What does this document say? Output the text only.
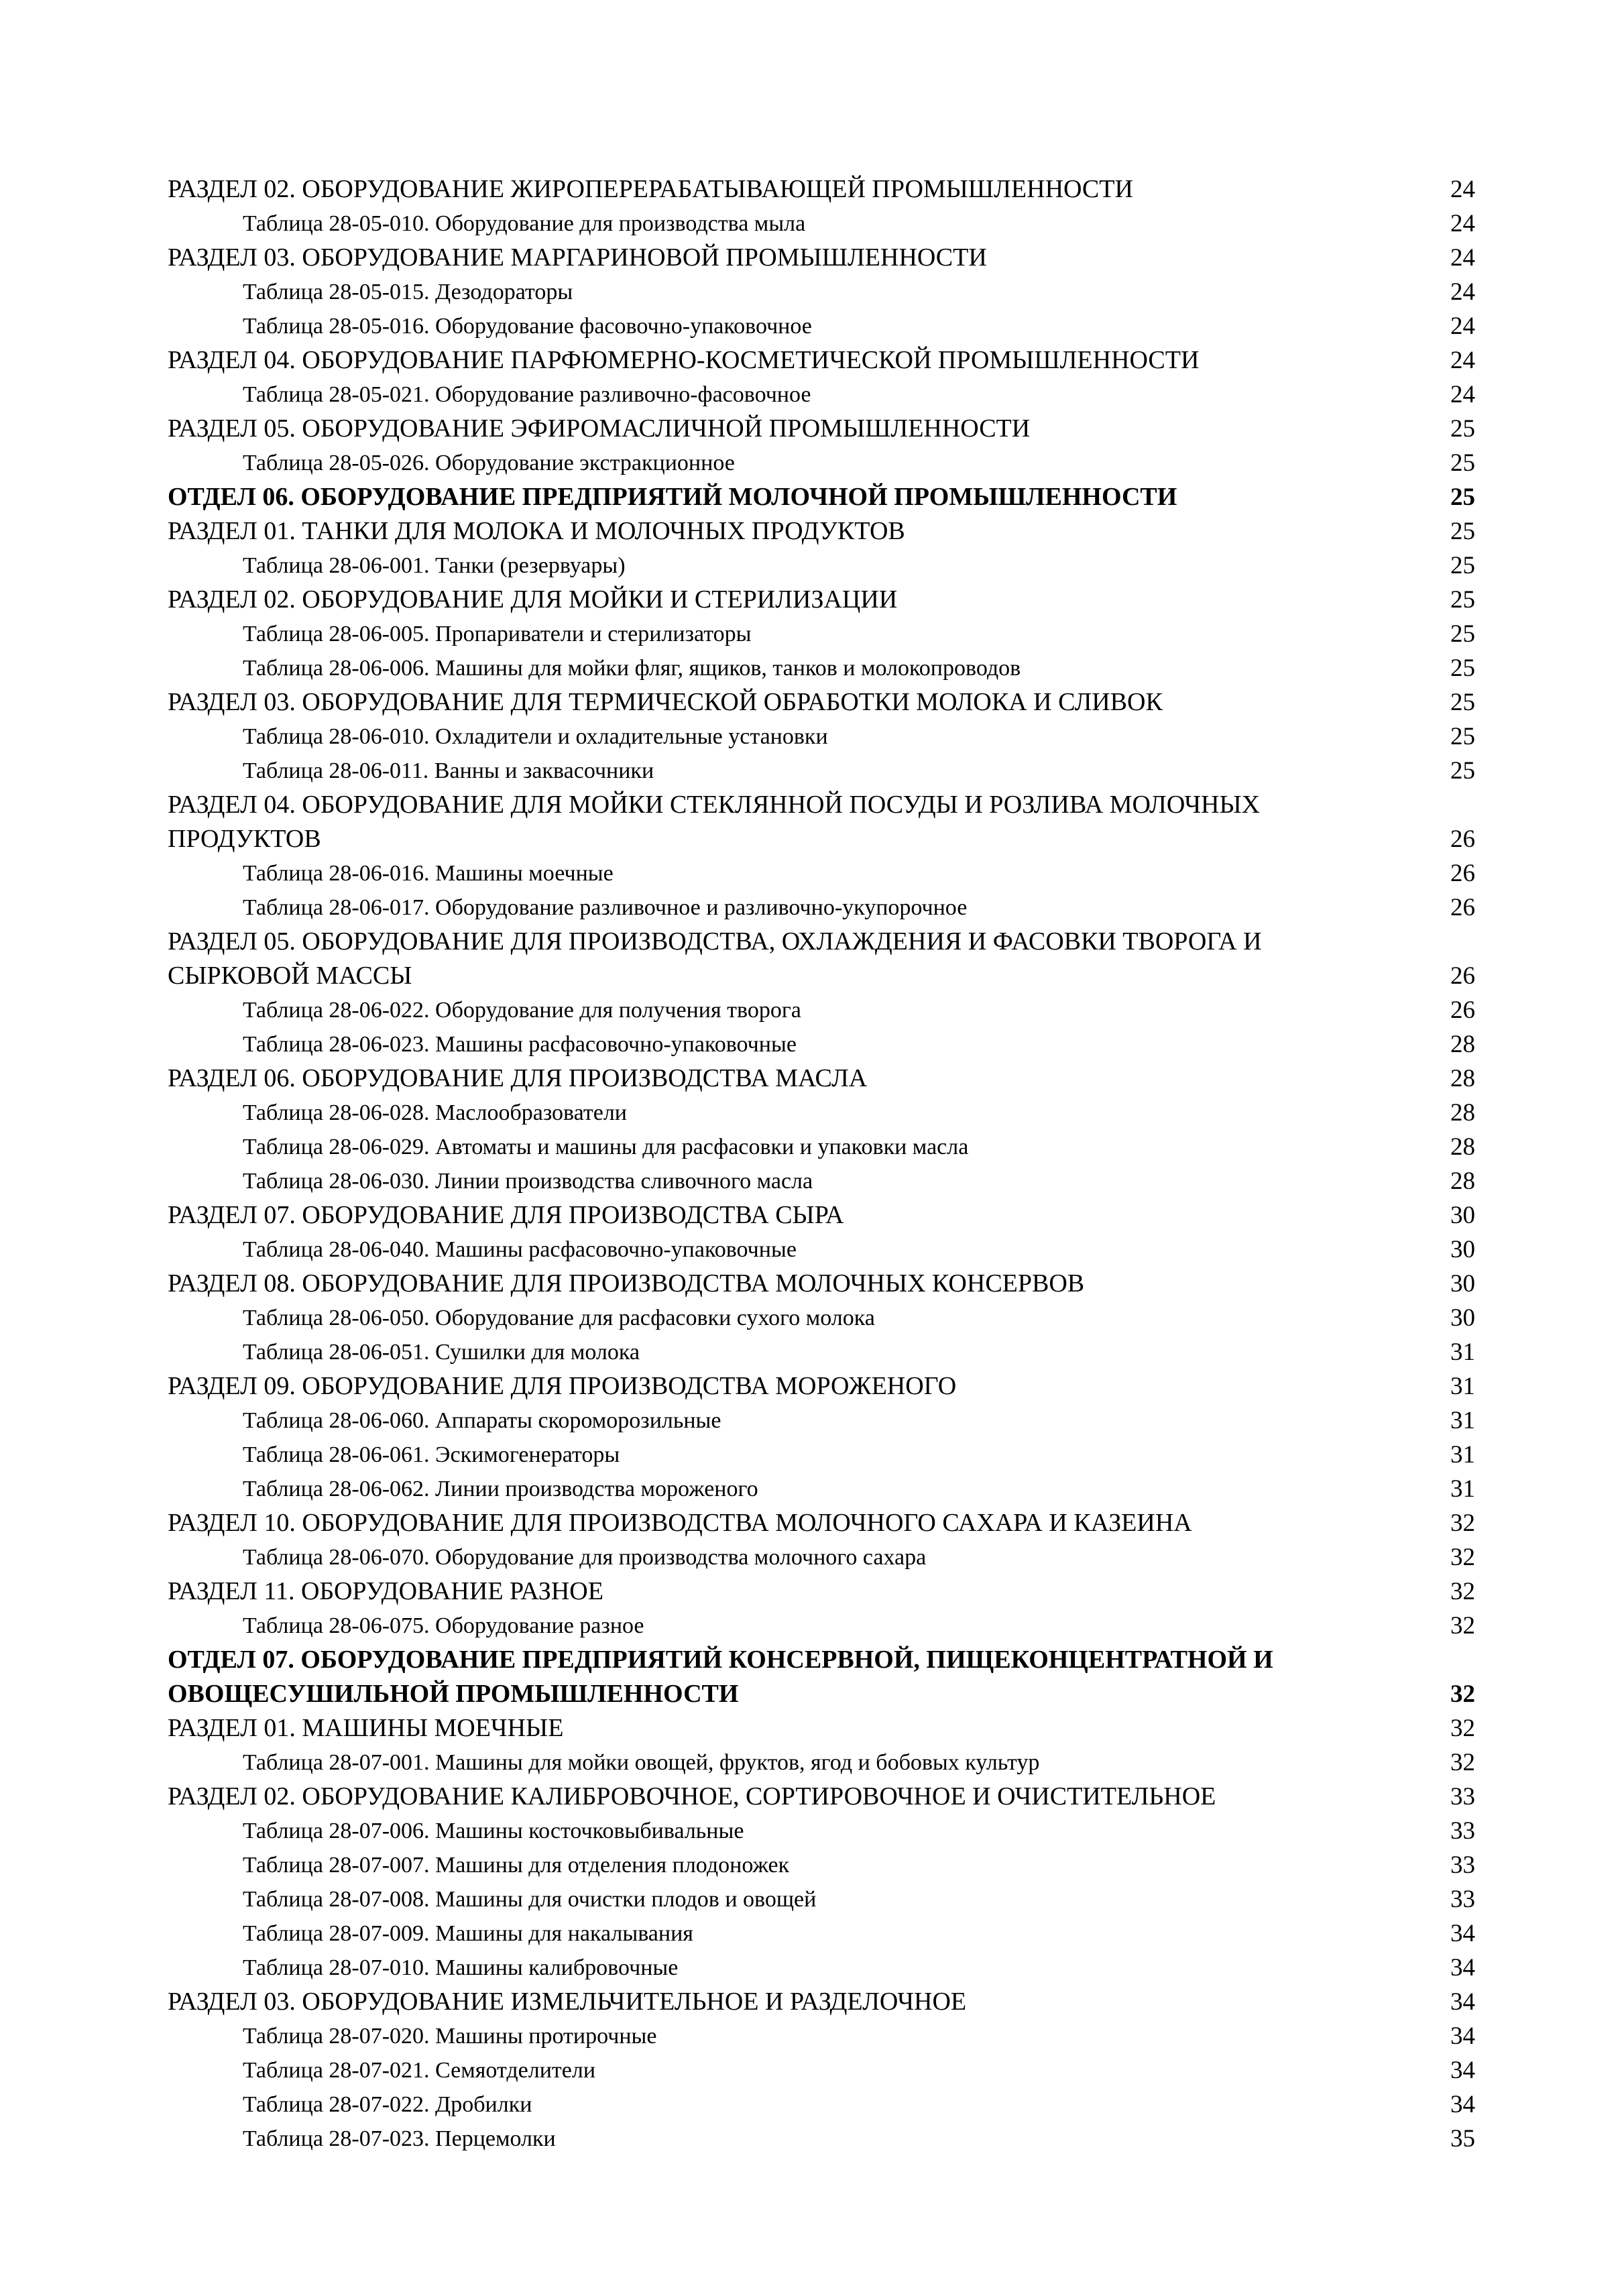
РАЗДЕЛ 02. ОБОРУДОВАНИЕ ЖИРОПЕРЕРАБАТЫВАЮЩЕЙ ПРОМЫШЛЕННОСТИ	24
Таблица 28-05-010. Оборудование для производства мыла	24
РАЗДЕЛ 03. ОБОРУДОВАНИЕ МАРГАРИНОВОЙ ПРОМЫШЛЕННОСТИ	24
Таблица 28-05-015. Дезодораторы	24
Таблица 28-05-016. Оборудование фасовочно-упаковочное	24
РАЗДЕЛ 04. ОБОРУДОВАНИЕ ПАРФЮМЕРНО-КОСМЕТИЧЕСКОЙ ПРОМЫШЛЕННОСТИ	24
Таблица 28-05-021. Оборудование разливочно-фасовочное	24
РАЗДЕЛ 05. ОБОРУДОВАНИЕ ЭФИРОМАСЛИЧНОЙ ПРОМЫШЛЕННОСТИ	25
Таблица 28-05-026. Оборудование экстракционное	25
ОТДЕЛ 06. ОБОРУДОВАНИЕ ПРЕДПРИЯТИЙ МОЛОЧНОЙ ПРОМЫШЛЕННОСТИ	25
РАЗДЕЛ 01. ТАНКИ ДЛЯ МОЛОКА И МОЛОЧНЫХ ПРОДУКТОВ	25
Таблица 28-06-001. Танки (резервуары)	25
РАЗДЕЛ 02. ОБОРУДОВАНИЕ ДЛЯ МОЙКИ И СТЕРИЛИЗАЦИИ	25
Таблица 28-06-005. Пропариватели и стерилизаторы	25
Таблица 28-06-006. Машины для мойки фляг, ящиков, танков и молокопроводов	25
РАЗДЕЛ 03. ОБОРУДОВАНИЕ ДЛЯ ТЕРМИЧЕСКОЙ ОБРАБОТКИ МОЛОКА И СЛИВОК	25
Таблица 28-06-010. Охладители и охладительные установки	25
Таблица 28-06-011. Ванны и заквасочники	25
РАЗДЕЛ 04. ОБОРУДОВАНИЕ ДЛЯ МОЙКИ СТЕКЛЯННОЙ ПОСУДЫ И РОЗЛИВА МОЛОЧНЫХ ПРОДУКТОВ	26
Таблица 28-06-016. Машины моечные	26
Таблица 28-06-017. Оборудование разливочное и разливочно-укупорочное	26
РАЗДЕЛ 05. ОБОРУДОВАНИЕ ДЛЯ ПРОИЗВОДСТВА, ОХЛАЖДЕНИЯ И ФАСОВКИ ТВОРОГА И СЫРКОВОЙ МАССЫ	26
Таблица 28-06-022. Оборудование для получения творога	26
Таблица 28-06-023. Машины расфасовочно-упаковочные	28
РАЗДЕЛ 06. ОБОРУДОВАНИЕ ДЛЯ ПРОИЗВОДСТВА МАСЛА	28
Таблица 28-06-028. Маслообразователи	28
Таблица 28-06-029. Автоматы и машины для расфасовки и упаковки масла	28
Таблица 28-06-030. Линии производства сливочного масла	28
РАЗДЕЛ 07. ОБОРУДОВАНИЕ ДЛЯ ПРОИЗВОДСТВА СЫРА	30
Таблица 28-06-040. Машины расфасовочно-упаковочные	30
РАЗДЕЛ 08. ОБОРУДОВАНИЕ ДЛЯ ПРОИЗВОДСТВА МОЛОЧНЫХ КОНСЕРВОВ	30
Таблица 28-06-050. Оборудование для расфасовки сухого молока	30
Таблица 28-06-051. Сушилки для молока	31
РАЗДЕЛ 09. ОБОРУДОВАНИЕ ДЛЯ ПРОИЗВОДСТВА МОРОЖЕНОГО	31
Таблица 28-06-060. Аппараты скороморозильные	31
Таблица 28-06-061. Эскимогенераторы	31
Таблица 28-06-062. Линии производства мороженого	31
РАЗДЕЛ 10. ОБОРУДОВАНИЕ ДЛЯ ПРОИЗВОДСТВА МОЛОЧНОГО САХАРА И КАЗЕИНА	32
Таблица 28-06-070. Оборудование для производства молочного сахара	32
РАЗДЕЛ 11. ОБОРУДОВАНИЕ РАЗНОЕ	32
Таблица 28-06-075. Оборудование разное	32
ОТДЕЛ 07. ОБОРУДОВАНИЕ ПРЕДПРИЯТИЙ КОНСЕРВНОЙ, ПИЩЕКОНЦЕНТРАТНОЙ И ОВОЩЕСУШИЛЬНОЙ ПРОМЫШЛЕННОСТИ	32
РАЗДЕЛ 01. МАШИНЫ МОЕЧНЫЕ	32
Таблица 28-07-001. Машины для мойки овощей, фруктов, ягод и бобовых культур	32
РАЗДЕЛ 02. ОБОРУДОВАНИЕ КАЛИБРОВОЧНОЕ, СОРТИРОВОЧНОЕ И ОЧИСТИТЕЛЬНОЕ	33
Таблица 28-07-006. Машины косточковыбивальные	33
Таблица 28-07-007. Машины для отделения плодоножек	33
Таблица 28-07-008. Машины для очистки плодов и овощей	33
Таблица 28-07-009. Машины для накалывания	34
Таблица 28-07-010. Машины калибровочные	34
РАЗДЕЛ 03. ОБОРУДОВАНИЕ ИЗМЕЛЬЧИТЕЛЬНОЕ И РАЗДЕЛОЧНОЕ	34
Таблица 28-07-020. Машины протирочные	34
Таблица 28-07-021. Семяотделители	34
Таблица 28-07-022. Дробилки	34
Таблица 28-07-023. Перцемолки	35
